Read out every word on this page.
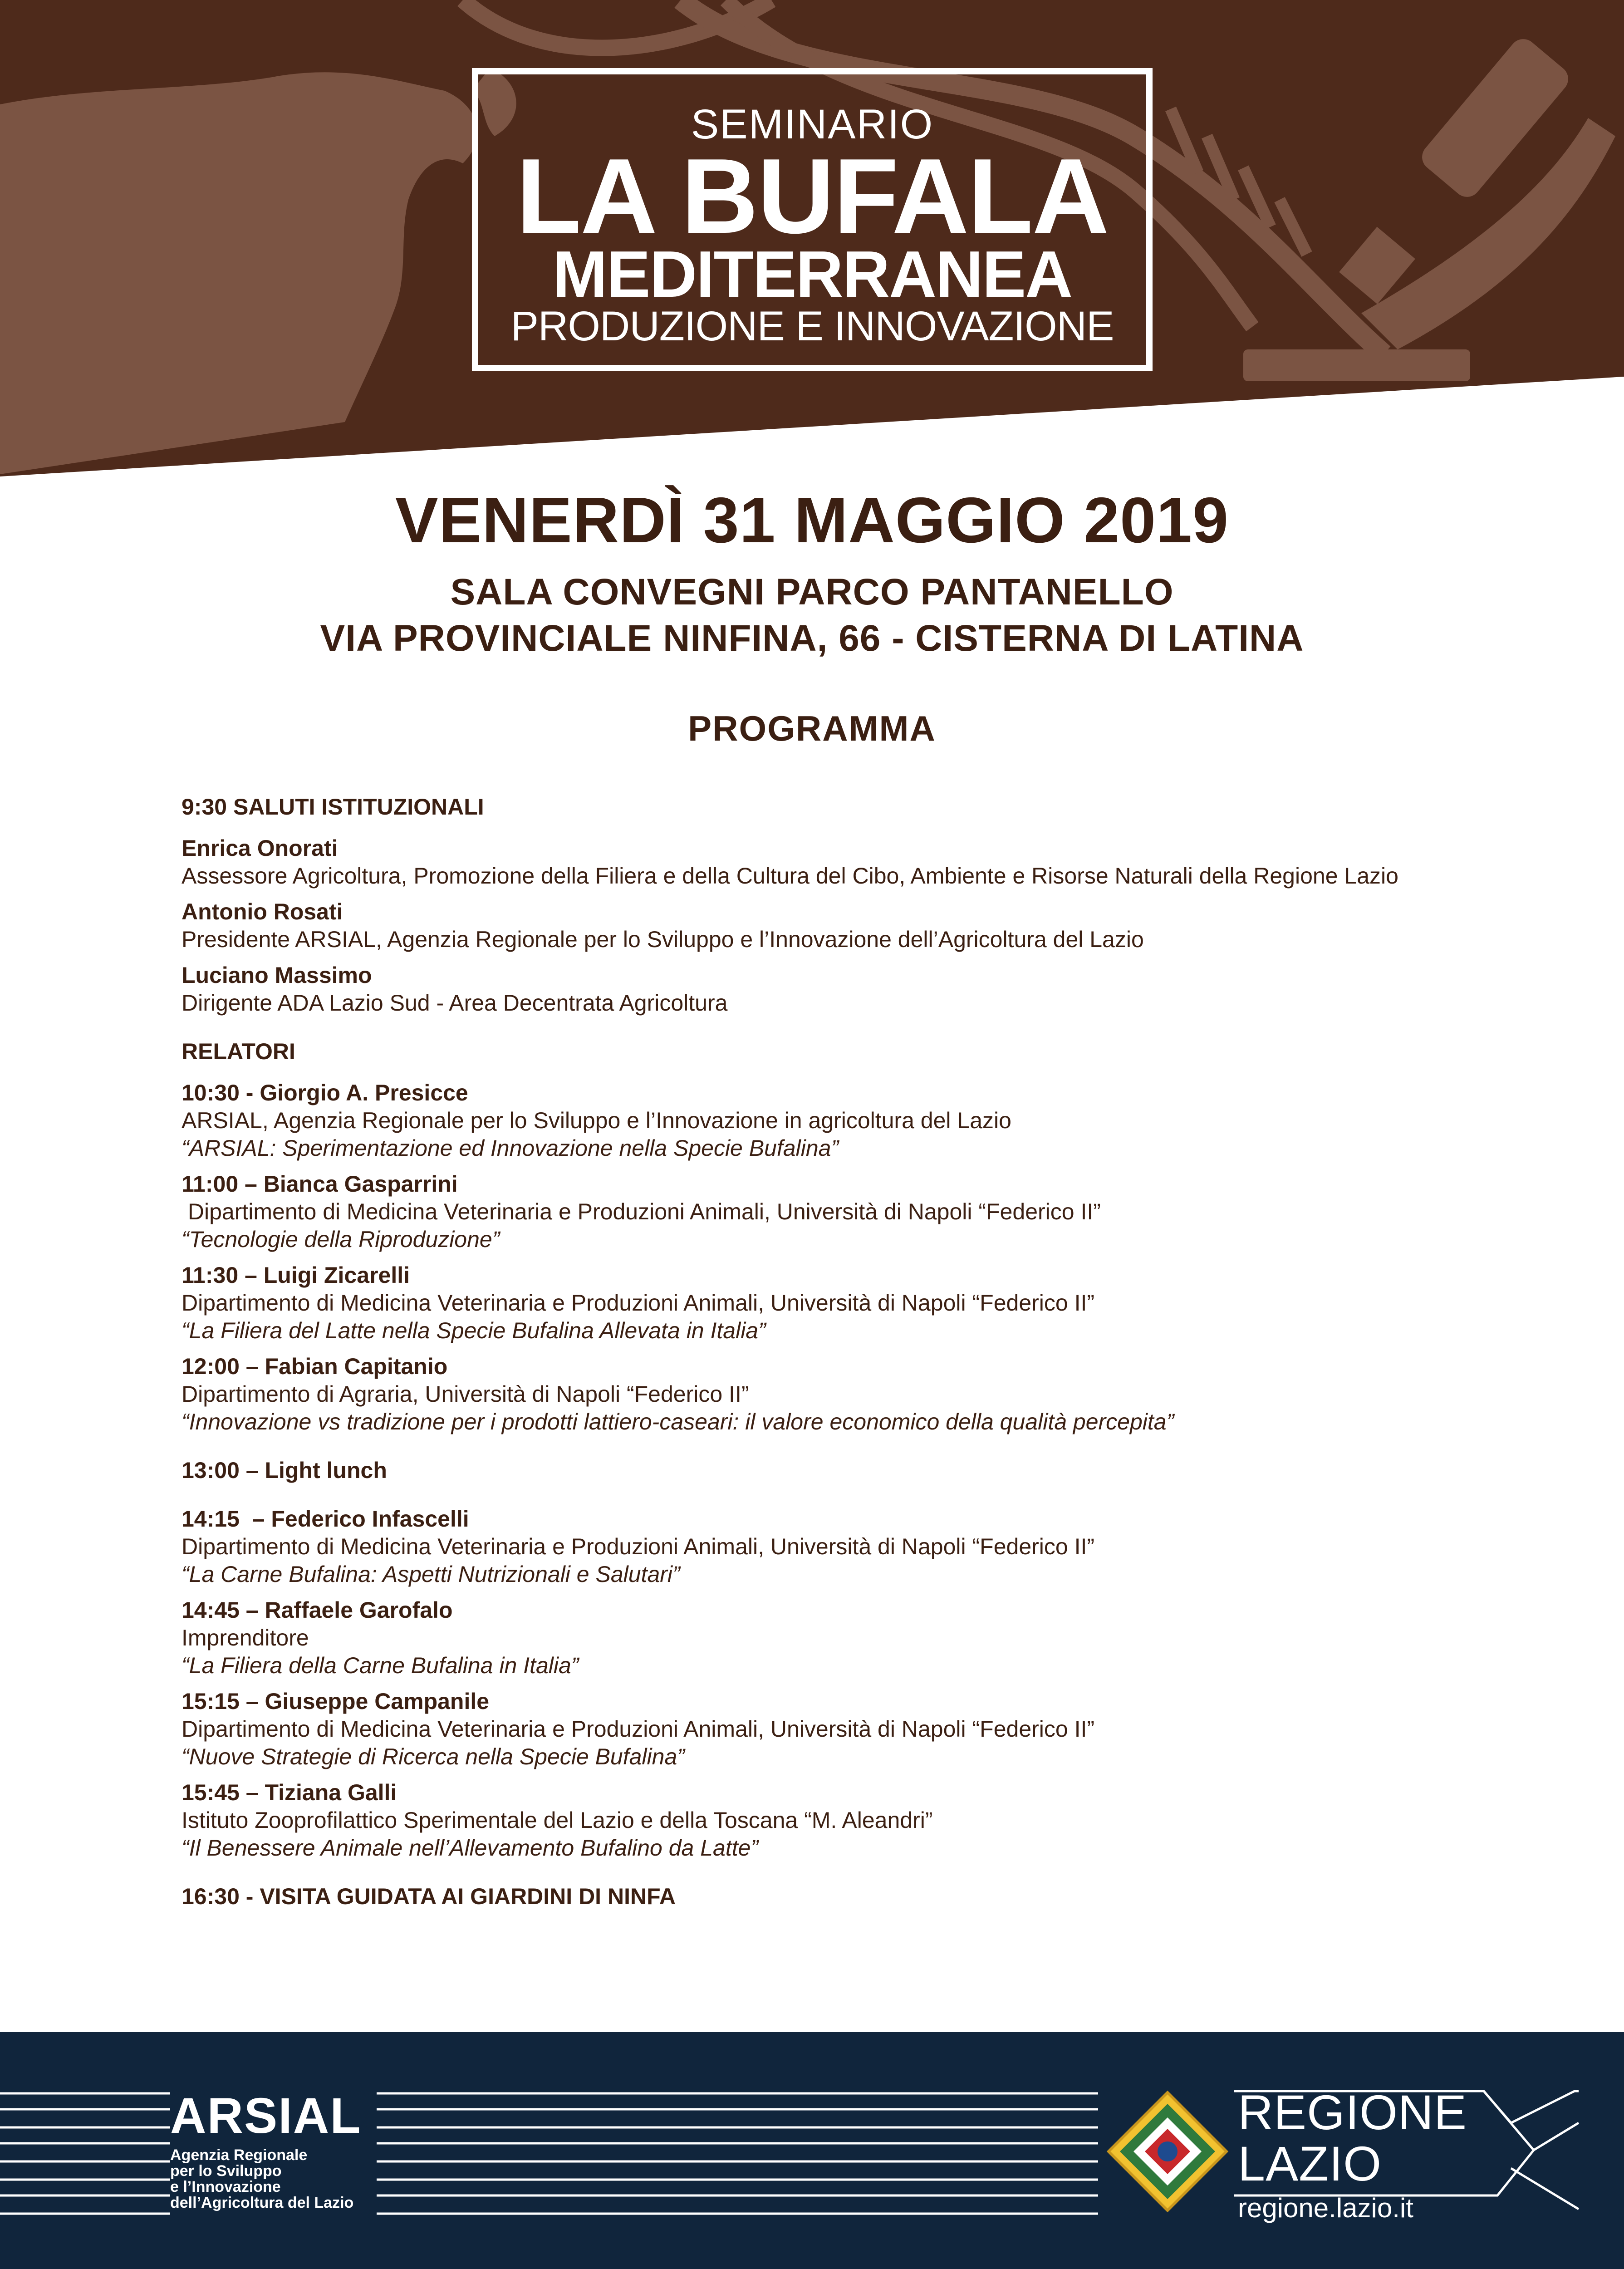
SEMINARIO
LA BUFALA
MEDITERRANEA
PRODUZIONE E INNOVAZIONE
VENERDÌ 31 MAGGIO 2019
SALA CONVEGNI PARCO PANTANELLO
VIA PROVINCIALE NINFINA, 66 - CISTERNA DI LATINA
PROGRAMMA
9:30 SALUTI ISTITUZIONALI
Enrica Onorati
Assessore Agricoltura, Promozione della Filiera e della Cultura del Cibo, Ambiente e Risorse Naturali della Regione Lazio
Antonio Rosati
Presidente ARSIAL, Agenzia Regionale per lo Sviluppo e l’Innovazione dell’Agricoltura del Lazio
Luciano Massimo
Dirigente ADA Lazio Sud - Area Decentrata Agricoltura
RELATORI
10:30 - Giorgio A. Presicce
ARSIAL, Agenzia Regionale per lo Sviluppo e l’Innovazione in agricoltura del Lazio
“ARSIAL: Sperimentazione ed Innovazione nella Specie Bufalina”
11:00 – Bianca Gasparrini
Dipartimento di Medicina Veterinaria e Produzioni Animali, Università di Napoli “Federico II”
“Tecnologie della Riproduzione”
11:30 – Luigi Zicarelli
Dipartimento di Medicina Veterinaria e Produzioni Animali, Università di Napoli “Federico II”
“La Filiera del Latte nella Specie Bufalina Allevata in Italia”
12:00 – Fabian Capitanio
Dipartimento di Agraria, Università di Napoli “Federico II”
“Innovazione vs tradizione per i prodotti lattiero-caseari: il valore economico della qualità percepita”
13:00 – Light lunch
14:15  – Federico Infascelli
Dipartimento di Medicina Veterinaria e Produzioni Animali, Università di Napoli “Federico II”
“La Carne Bufalina: Aspetti Nutrizionali e Salutari”
14:45 – Raffaele Garofalo
Imprenditore
“La Filiera della Carne Bufalina in Italia”
15:15 – Giuseppe Campanile
Dipartimento di Medicina Veterinaria e Produzioni Animali, Università di Napoli “Federico II”
“Nuove Strategie di Ricerca nella Specie Bufalina”
15:45 – Tiziana Galli
Istituto Zooprofilattico Sperimentale del Lazio e della Toscana “M. Aleandri”
“Il Benessere Animale nell’Allevamento Bufalino da Latte”
16:30 - VISITA GUIDATA AI GIARDINI DI NINFA
ARSIAL
Agenzia Regionale
per lo Sviluppo
e l’Innovazione
dell’Agricoltura del Lazio
REGIONE
LAZIO
regione.lazio.it
